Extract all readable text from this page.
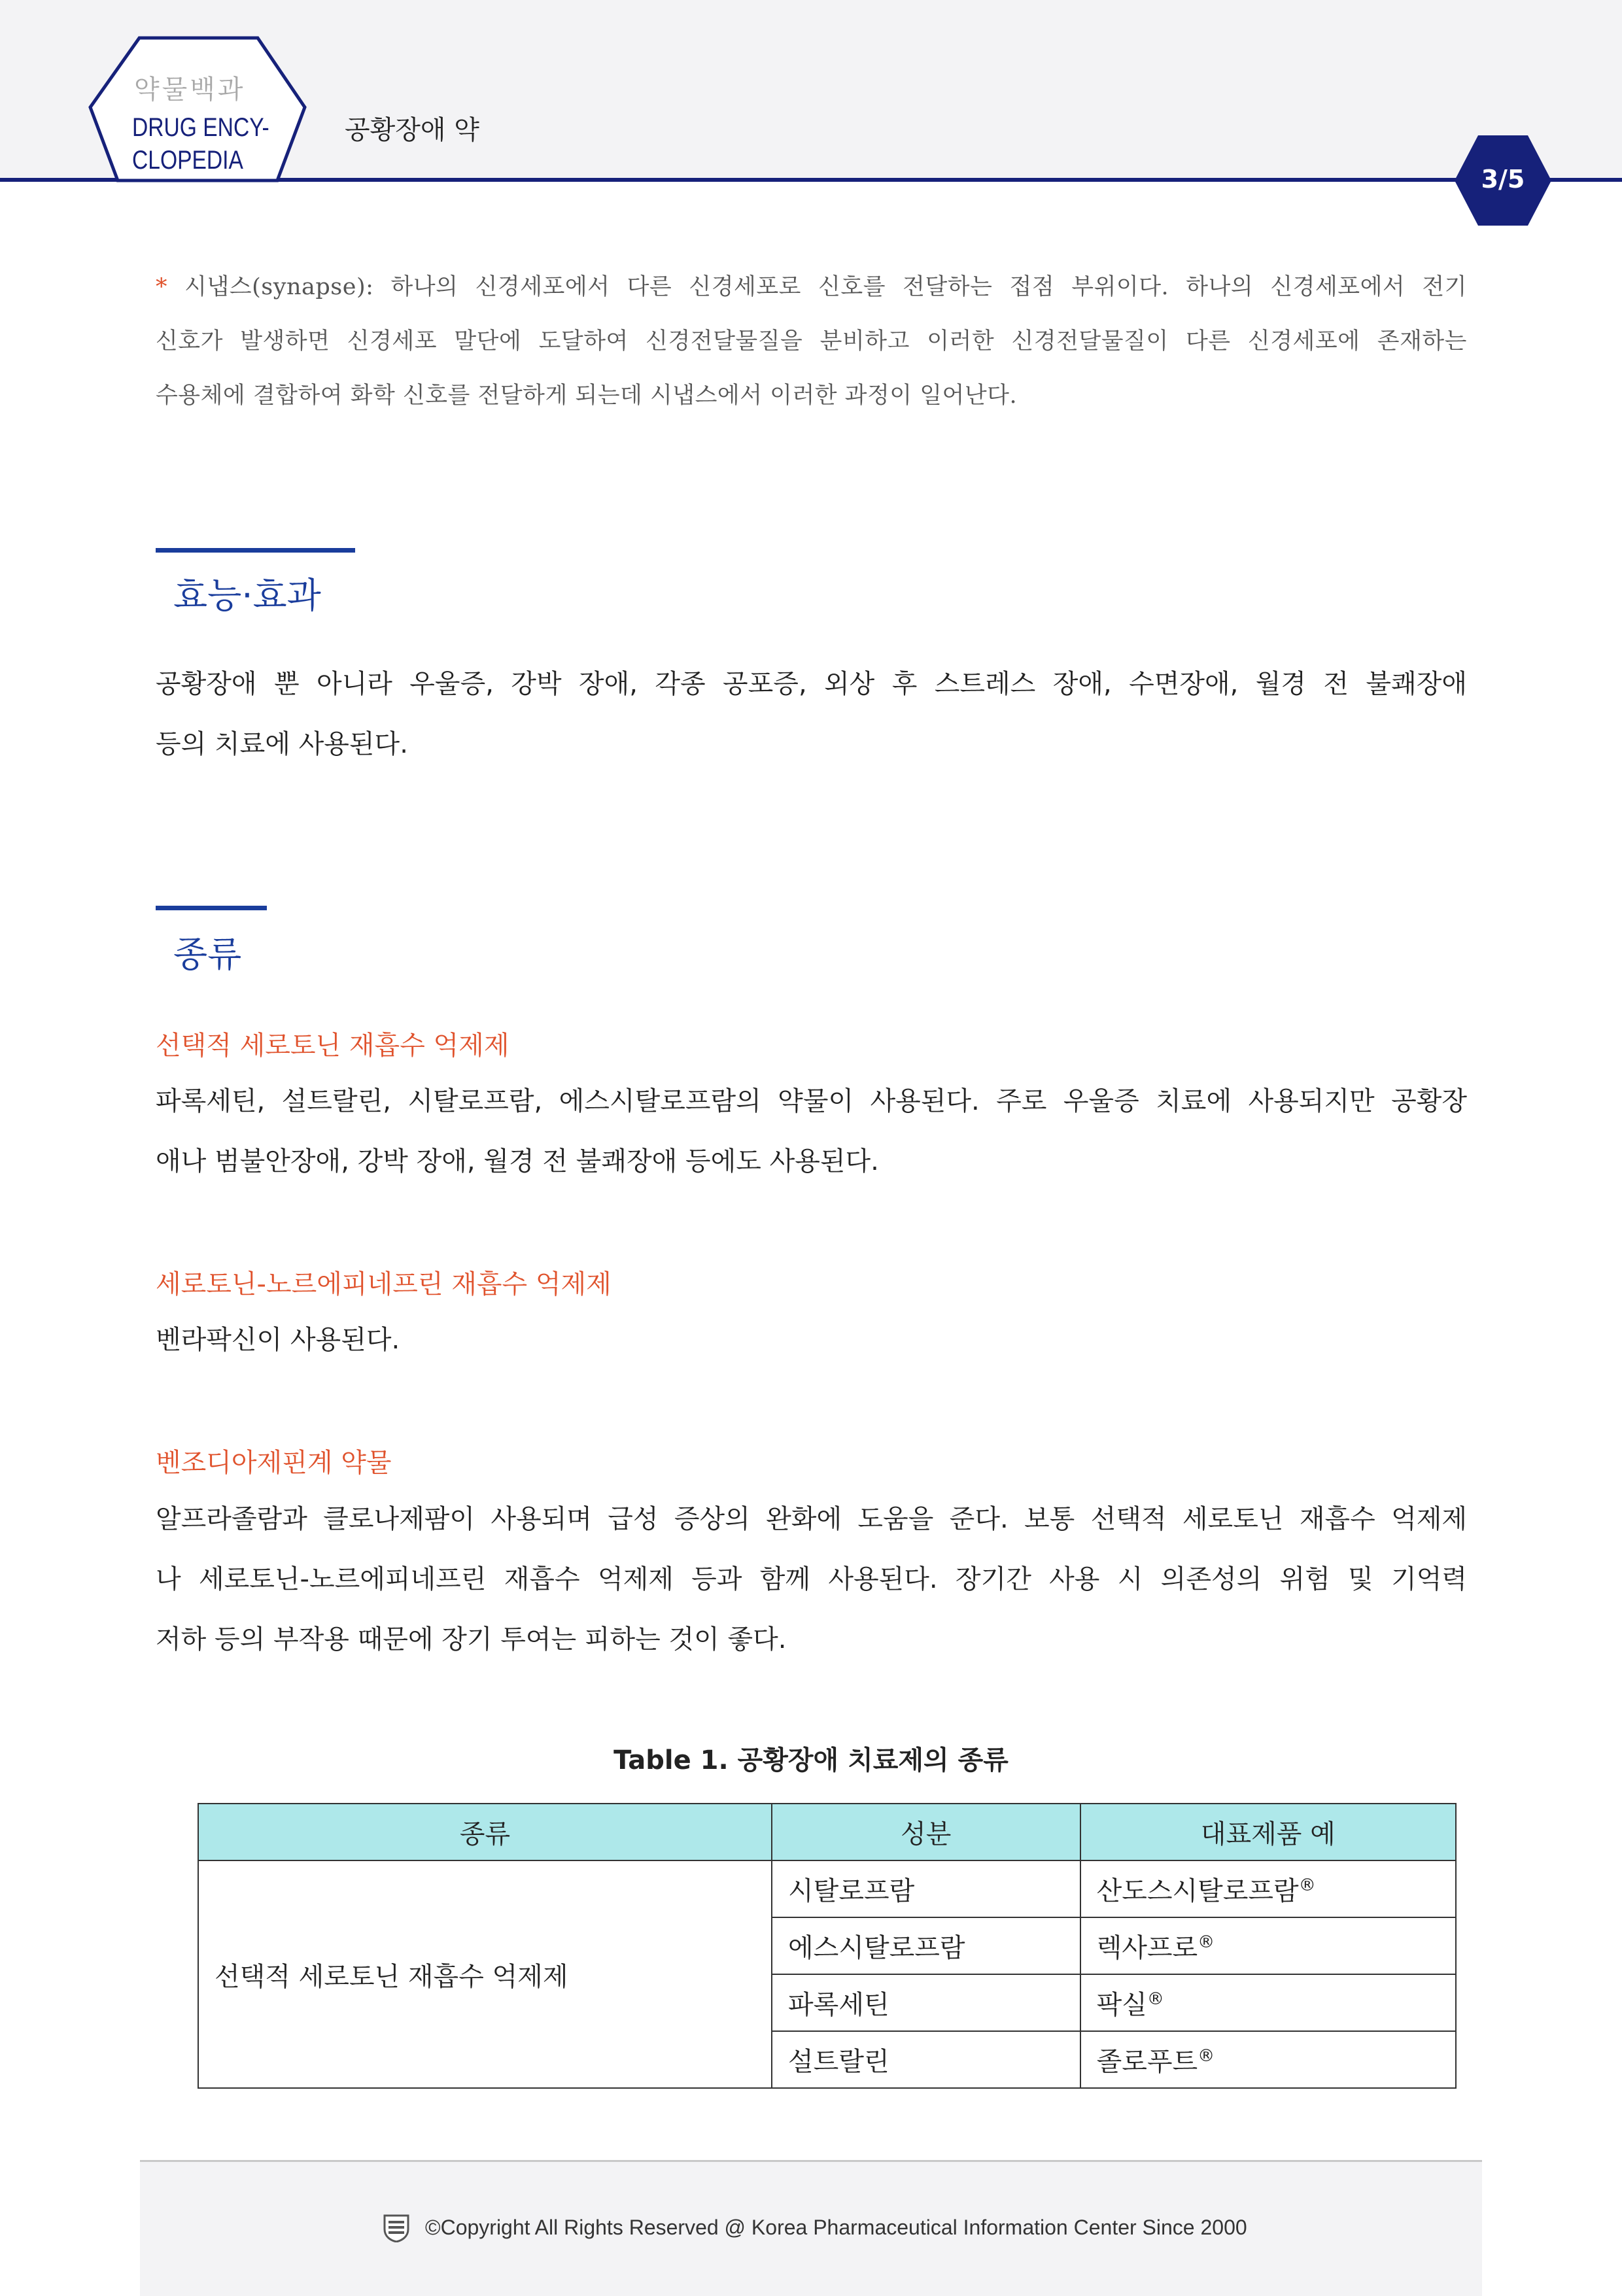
약물백과
DRUG ENCY-
CLOPEDIA
공황장애 약
3/5
* 시냅스(synapse): 하나의 신경세포에서 다른 신경세포로 신호를 전달하는 접점 부위이다. 하나의 신경세포에서 전기
신호가 발생하면 신경세포 말단에 도달하여 신경전달물질을 분비하고 이러한 신경전달물질이 다른 신경세포에 존재하는
수용체에 결합하여 화학 신호를 전달하게 되는데 시냅스에서 이러한 과정이 일어난다.
효능·효과
공황장애 뿐 아니라 우울증, 강박 장애, 각종 공포증, 외상 후 스트레스 장애, 수면장애, 월경 전 불쾌장애
등의 치료에 사용된다.
종류
선택적 세로토닌 재흡수 억제제
파록세틴, 설트랄린, 시탈로프람, 에스시탈로프람의 약물이 사용된다. 주로 우울증 치료에 사용되지만 공황장
애나 범불안장애, 강박 장애, 월경 전 불쾌장애 등에도 사용된다.
세로토닌-노르에피네프린 재흡수 억제제
벤라팍신이 사용된다.
벤조디아제핀계 약물
알프라졸람과 클로나제팜이 사용되며 급성 증상의 완화에 도움을 준다. 보통 선택적 세로토닌 재흡수 억제제
나 세로토닌-노르에피네프린 재흡수 억제제 등과 함께 사용된다. 장기간 사용 시 의존성의 위험 및 기억력
저하 등의 부작용 때문에 장기 투여는 피하는 것이 좋다.
Table 1. 공황장애 치료제의 종류
종류	성분	대표제품 예
선택적 세로토닌 재흡수 억제제	시탈로프람	산도스시탈로프람®
	에스시탈로프람	렉사프로®
	파록세틴	팍실®
	설트랄린	졸로푸트®
©Copyright All Rights Reserved @ Korea Pharmaceutical Information Center Since 2000
